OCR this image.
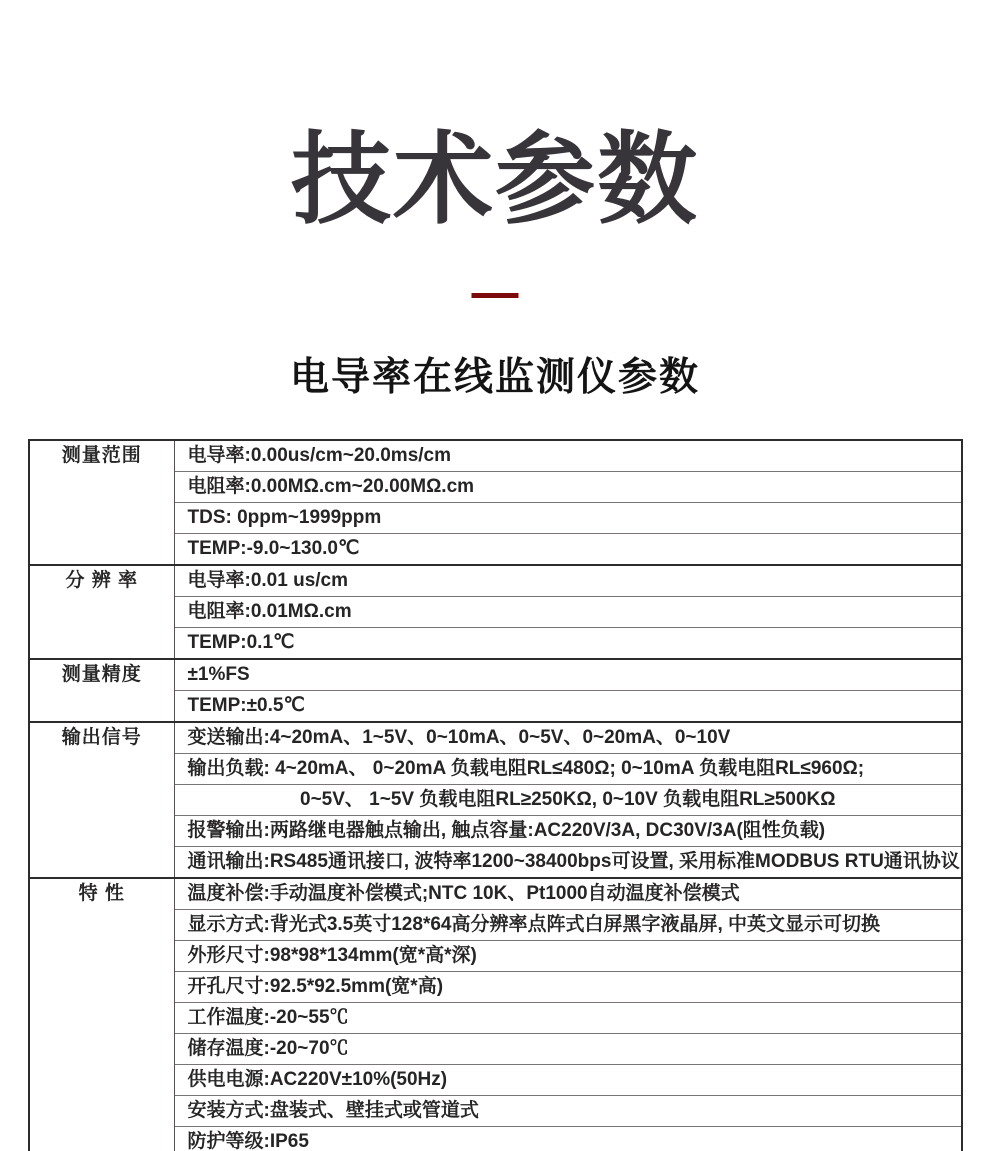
技术参数
电导率在线监测仪参数
测量范围	电导率:0.00us/cm~20.0ms/cm
	电阻率:0.00MΩ.cm~20.00MΩ.cm
	TDS: 0ppm~1999ppm
	TEMP:-9.0~130.0℃
分 辨 率	电导率:0.01 us/cm
	电阻率:0.01MΩ.cm
	TEMP:0.1℃
测量精度	±1%FS
	TEMP:±0.5℃
输出信号	变送输出:4~20mA、1~5V、0~10mA、0~5V、0~20mA、0~10V
	输出负载: 4~20mA、 0~20mA 负载电阻RL≤480Ω; 0~10mA 负载电阻RL≤960Ω;
	0~5V、 1~5V 负载电阻RL≥250KΩ, 0~10V 负载电阻RL≥500KΩ
	报警输出:两路继电器触点输出, 触点容量:AC220V/3A, DC30V/3A(阻性负载)
	通讯输出:RS485通讯接口, 波特率1200~38400bps可设置, 采用标准MODBUS RTU通讯协议
特 性	温度补偿:手动温度补偿模式;NTC 10K、Pt1000自动温度补偿模式
	显示方式:背光式3.5英寸128*64高分辨率点阵式白屏黑字液晶屏, 中英文显示可切换
	外形尺寸:98*98*134mm(宽*高*深)
	开孔尺寸:92.5*92.5mm(宽*高)
	工作温度:-20~55℃
	储存温度:-20~70℃
	供电电源:AC220V±10%(50Hz)
	安装方式:盘装式、壁挂式或管道式
	防护等级:IP65
